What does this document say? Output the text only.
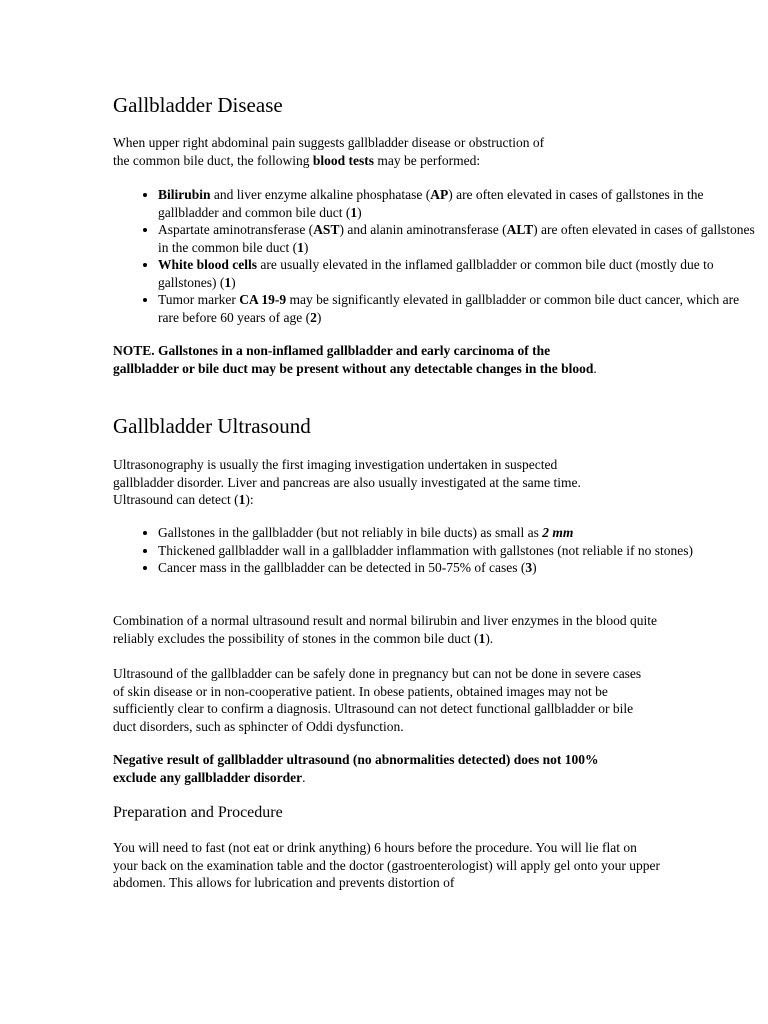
Gallbladder Disease

When upper right abdominal pain suggests gallbladder disease or obstruction of
the common bile duct, the following blood tests may be performed:

• Bilirubin and liver enzyme alkaline phosphatase (AP) are often elevated in cases of gallstones in the gallbladder and common bile duct (1)
• Aspartate aminotransferase (AST) and alanin aminotransferase (ALT) are often elevated in cases of gallstones in the common bile duct (1)
• White blood cells are usually elevated in the inflamed gallbladder or common bile duct (mostly due to gallstones) (1)
• Tumor marker CA 19-9 may be significantly elevated in gallbladder or common bile duct cancer, which are rare before 60 years of age (2)

NOTE. Gallstones in a non-inflamed gallbladder and early carcinoma of the gallbladder or bile duct may be present without any detectable changes in the blood.

Gallbladder Ultrasound

Ultrasonography is usually the first imaging investigation undertaken in suspected gallbladder disorder. Liver and pancreas are also usually investigated at the same time. Ultrasound can detect (1):

• Gallstones in the gallbladder (but not reliably in bile ducts) as small as 2 mm
• Thickened gallbladder wall in a gallbladder inflammation with gallstones (not reliable if no stones)
• Cancer mass in the gallbladder can be detected in 50-75% of cases (3)

Combination of a normal ultrasound result and normal bilirubin and liver enzymes in the blood quite reliably excludes the possibility of stones in the common bile duct (1).

Ultrasound of the gallbladder can be safely done in pregnancy but can not be done in severe cases of skin disease or in non-cooperative patient. In obese patients, obtained images may not be sufficiently clear to confirm a diagnosis. Ultrasound can not detect functional gallbladder or bile duct disorders, such as sphincter of Oddi dysfunction.

Negative result of gallbladder ultrasound (no abnormalities detected) does not 100% exclude any gallbladder disorder.

Preparation and Procedure

You will need to fast (not eat or drink anything) 6 hours before the procedure. You will lie flat on your back on the examination table and the doctor (gastroenterologist) will apply gel onto your upper abdomen. This allows for lubrication and prevents distortion of
